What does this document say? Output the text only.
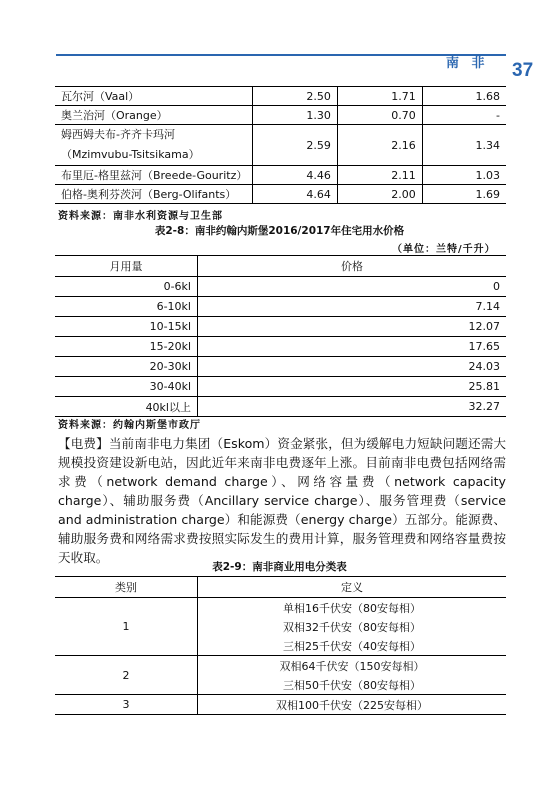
南 非 37
瓦尔河（Vaal）	2.50	1.71	1.68
奥兰治河（Orange）	1.30	0.70	-

姆西姆夫布-齐齐卡玛河
（Mzimvubu-Tsitsikama）	2.59	2.16	1.34
布里厄-格里兹河（Breede-Gouritz）	4.46	2.11	1.03
伯格-奥利芬茨河（Berg-Olifants）	4.64	2.00	1.69
资料来源：南非水利资源与卫生部
表2-8：南非约翰内斯堡2016/2017年住宅用水价格
（单位：兰特/千升）
月用量	价格
0-6kl	0
6-10kl	7.14
10-15kl	12.07
15-20kl	17.65
20-30kl	24.03
30-40kl	25.81
40kl以上	32.27
资料来源：约翰内斯堡市政厅
【电费】当前南非电力集团（Eskom）资金紧张，但为缓解电力短缺问题还需大规模投资建设新电站，因此近年来南非电费逐年上涨。目前南非电费包括网络需求费（network demand charge）、网络容量费（network capacity charge）、辅助服务费（Ancillary service charge）、服务管理费（service and administration charge）和能源费（energy charge）五部分。能源费、辅助服务费和网络需求费按照实际发生的费用计算，服务管理费和网络容量费按天收取。
表2-9：南非商业用电分类表
类别	定义
1	单相16千伏安（80安每相）
	双相32千伏安（80安每相）
	三相25千伏安（40安每相）
2	双相64千伏安（150安每相）
	三相50千伏安（80安每相）
3	双相100千伏安（225安每相）
